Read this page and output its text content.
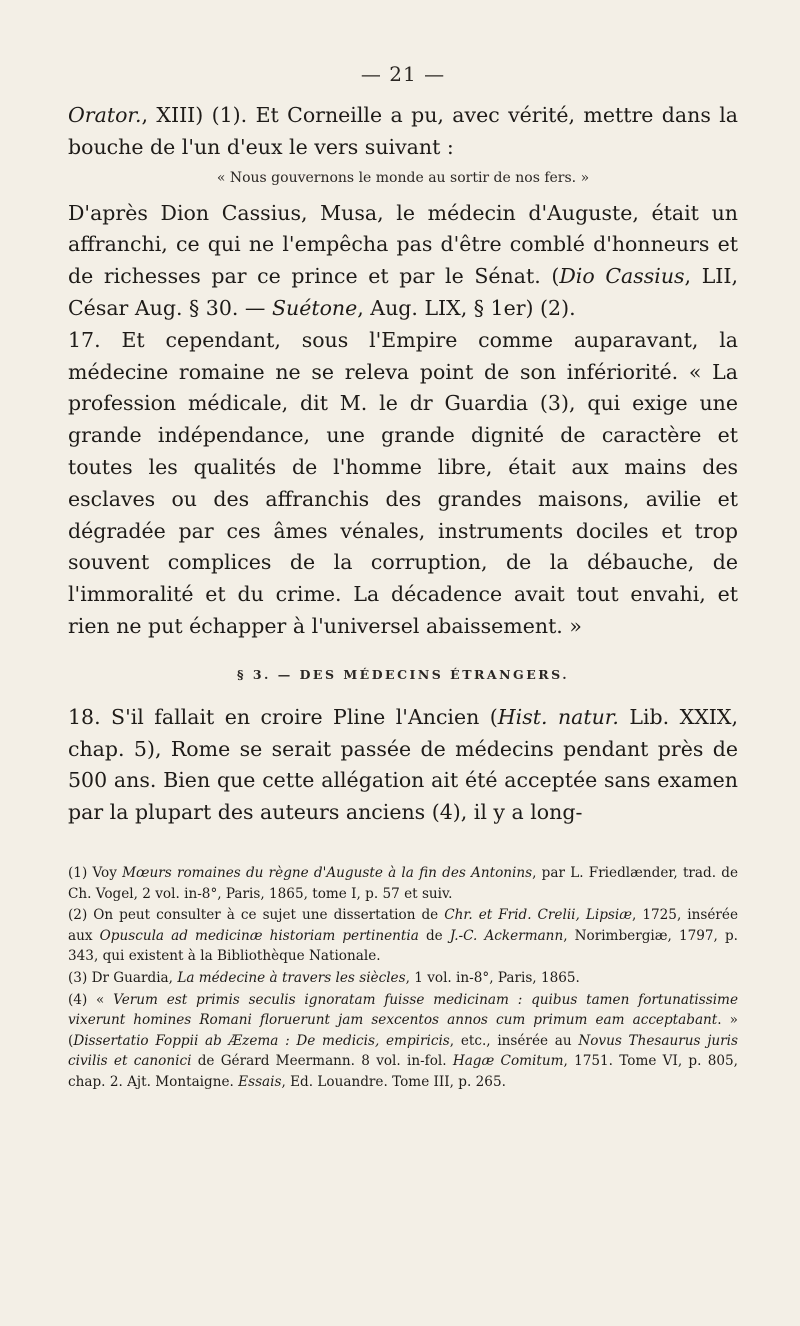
— 21 —

Orator., XIII) (1). Et Corneille a pu, avec vérité, mettre dans la bouche de l'un d'eux le vers suivant :

« Nous gouvernons le monde au sortir de nos fers. »

D'après Dion Cassius, Musa, le médecin d'Auguste, était un affranchi, ce qui ne l'empêcha pas d'être comblé d'honneurs et de richesses par ce prince et par le Sénat. (Dio Cassius, LII, César Aug. § 30. — Suétone, Aug. LIX, § 1er) (2).

17. Et cependant, sous l'Empire comme auparavant, la médecine romaine ne se releva point de son infériorité. « La profession médicale, dit M. le dr Guardia (3), qui exige une grande indépendance, une grande dignité de caractère et toutes les qualités de l'homme libre, était aux mains des esclaves ou des affranchis des grandes maisons, avilie et dégradée par ces âmes vénales, instruments dociles et trop souvent complices de la corruption, de la débauche, de l'immoralité et du crime. La décadence avait tout envahi, et rien ne put échapper à l'universel abaissement. »

§ 3. — DES MÉDECINS ÉTRANGERS.

18. S'il fallait en croire Pline l'Ancien (Hist. natur. Lib. XXIX, chap. 5), Rome se serait passée de médecins pendant près de 500 ans. Bien que cette allégation ait été acceptée sans examen par la plupart des auteurs anciens (4), il y a long-

(1) Voy Mœurs romaines du règne d'Auguste à la fin des Antonins, par L. Friedlænder, trad. de Ch. Vogel, 2 vol. in-8°, Paris, 1865, tome I, p. 57 et suiv.

(2) On peut consulter à ce sujet une dissertation de Chr. et Frid. Crelii, Lipsiæ, 1725, insérée aux Opuscula ad medicinæ historiam pertinentia de J.-C. Ackermann, Norimbergiæ, 1797, p. 343, qui existent à la Bibliothèque Nationale.

(3) Dr Guardia, La médecine à travers les siècles, 1 vol. in-8°, Paris, 1865.

(4) « Verum est primis seculis ignoratam fuisse medicinam : quibus tamen fortunatissime vixerunt homines Romani floruerunt jam sexcentos annos cum primum eam acceptabant. » (Dissertatio Foppii ab Æzema : De medicis, empiricis, etc., insérée au Novus Thesaurus juris civilis et canonici de Gérard Meermann. 8 vol. in-fol. Hagæ Comitum, 1751. Tome VI, p. 805, chap. 2. Ajt. Montaigne. Essais, Ed. Louandre. Tome III, p. 265.
